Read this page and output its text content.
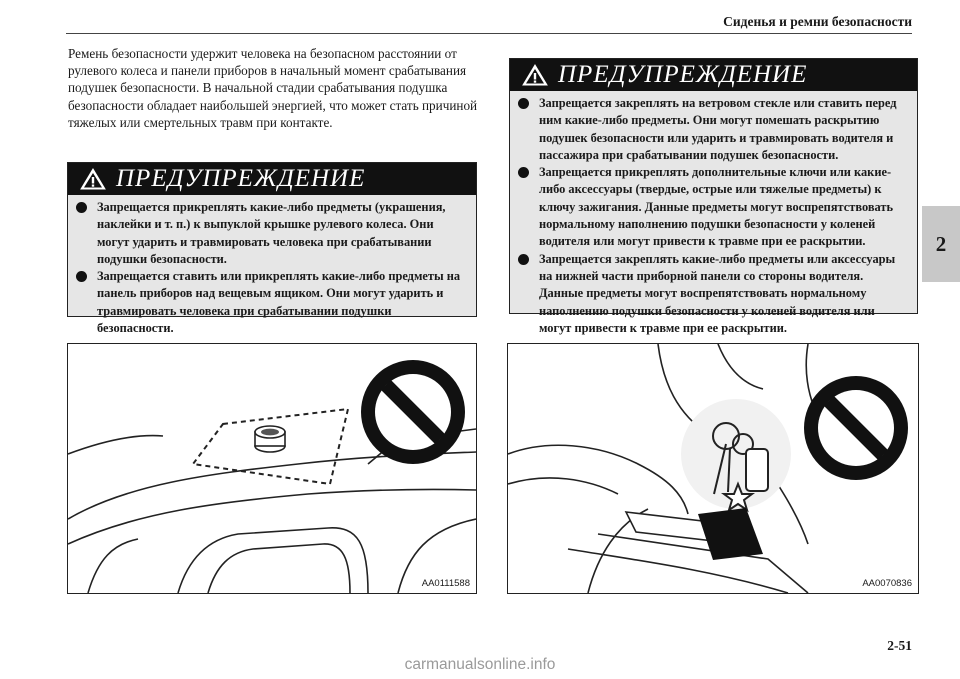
Сиденья и ремни безопасности
2
Ремень безопасности удержит человека на безопасном расстоянии от рулевого колеса и панели приборов в начальный момент срабатывания подушек безопасности. В начальной стадии срабатывания подушка безопасности обладает наибольшей энергией, что может стать причиной тяжелых или смертельных травм при контакте.
ПРЕДУПРЕЖДЕНИЕ
Запрещается прикреплять какие-либо предметы (украшения, наклейки и т. п.) к выпуклой крышке рулевого колеса. Они могут ударить и травмировать человека при срабатывании подушки безопасности.
Запрещается ставить или прикреплять какие-либо предметы на панель приборов над вещевым ящиком. Они могут ударить и травмировать человека при срабатывании подушки безопасности.
ПРЕДУПРЕЖДЕНИЕ
Запрещается закреплять на ветровом стекле или ставить перед ним какие-либо предметы. Они могут помешать раскрытию подушек безопасности или ударить и травмировать водителя и пассажира при срабатывании подушек безопасности.
Запрещается прикреплять дополнительные ключи или какие-либо аксессуары (твердые, острые или тяжелые предметы) к ключу зажигания. Данные предметы могут воспрепятствовать нормальному наполнению подушки безопасности у коленей водителя или могут привести к травме при ее раскрытии.
Запрещается закреплять какие-либо предметы или аксессуары на нижней части приборной панели со стороны водителя. Данные предметы могут воспрепятствовать нормальному наполнению подушки безопасности у коленей водителя или могут привести к травме при ее раскрытии.
AA0111588	AA0070836
2-51
carmanualsonline.info
